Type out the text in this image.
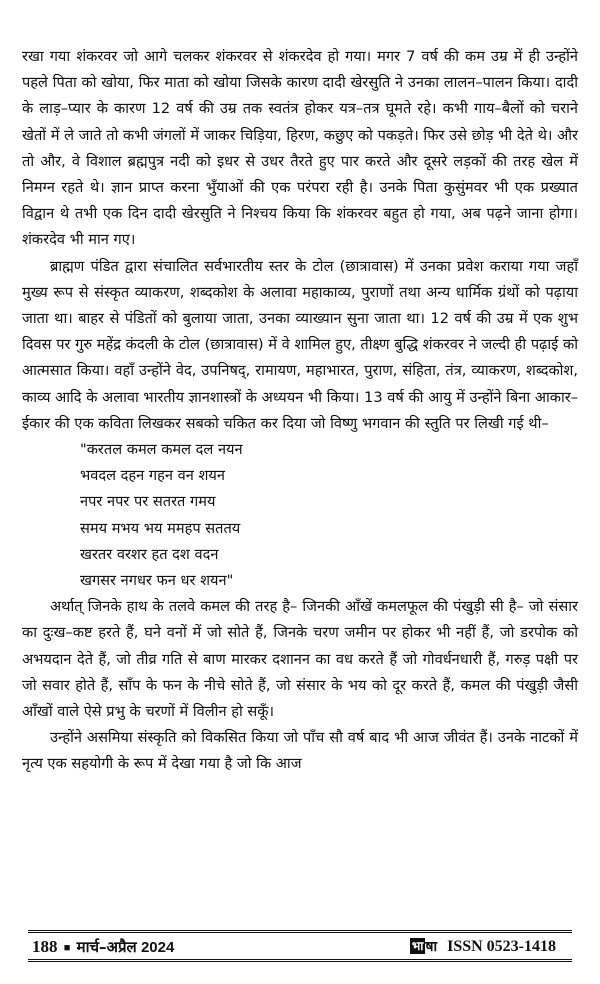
रखा गया शंकरवर जो आगे चलकर शंकरवर से शंकरदेव हो गया। मगर 7 वर्ष की कम उम्र में ही उन्होंने पहले पिता को खोया, फिर माता को खोया जिसके कारण दादी खेरसुति ने उनका लालन–पालन किया। दादी के लाड़–प्यार के कारण 12 वर्ष की उम्र तक स्वतंत्र होकर यत्र–तत्र घूमते रहे। कभी गाय–बैलों को चराने खेतों में ले जाते तो कभी जंगलों में जाकर चिड़िया, हिरण, कछुए को पकड़ते। फिर उसे छोड़ भी देते थे। और तो और, वे विशाल ब्रह्मपुत्र नदी को इधर से उधर तैरते हुए पार करते और दूसरे लड़कों की तरह खेल में निमग्न रहते थे। ज्ञान प्राप्त करना भुँयाओं की एक परंपरा रही है। उनके पिता कुसुंमवर भी एक प्रख्यात विद्वान थे तभी एक दिन दादी खेरसुति ने निश्चय किया कि शंकरवर बहुत हो गया, अब पढ़ने जाना होगा। शंकरदेव भी मान गए।

ब्राह्मण पंडित द्वारा संचालित सर्वभारतीय स्तर के टोल (छात्रावास) में उनका प्रवेश कराया गया जहाँ मुख्य रूप से संस्कृत व्याकरण, शब्दकोश के अलावा महाकाव्य, पुराणों तथा अन्य धार्मिक ग्रंथों को पढ़ाया जाता था। बाहर से पंडितों को बुलाया जाता, उनका व्याख्यान सुना जाता था। 12 वर्ष की उम्र में एक शुभ दिवस पर गुरु महेंद्र कंदली के टोल (छात्रावास) में वे शामिल हुए, तीक्ष्ण बुद्धि शंकरवर ने जल्दी ही पढ़ाई को आत्मसात किया। वहाँ उन्होंने वेद, उपनिषद्, रामायण, महाभारत, पुराण, संहिता, तंत्र, व्याकरण, शब्दकोश, काव्य आदि के अलावा भारतीय ज्ञानशास्त्रों के अध्ययन भी किया। 13 वर्ष की आयु में उन्होंने बिना आकार–ईकार की एक कविता लिखकर सबको चकित कर दिया जो विष्णु भगवान की स्तुति पर लिखी गई थी–

"करतल कमल कमल दल नयन
भवदल दहन गहन वन शयन
नपर नपर पर सतरत गमय
समय मभय भय ममहप सततय
खरतर वरशर हत दश वदन
खगसर नगधर फन धर शयन"

अर्थात् जिनके हाथ के तलवे कमल की तरह है– जिनकी आँखें कमलफूल की पंखुड़ी सी है– जो संसार का दुःख–कष्ट हरते हैं, घने वनों में जो सोते हैं, जिनके चरण जमीन पर होकर भी नहीं हैं, जो डरपोक को अभयदान देते हैं, जो तीव्र गति से बाण मारकर दशानन का वध करते हैं जो गोवर्धनधारी हैं, गरुड़ पक्षी पर जो सवार होते हैं, साँप के फन के नीचे सोते हैं, जो संसार के भय को दूर करते हैं, कमल की पंखुड़ी जैसी आँखों वाले ऐसे प्रभु के चरणों में विलीन हो सकूँ।

उन्होंने असमिया संस्कृति को विकसित किया जो पाँच सौ वर्ष बाद भी आज जीवंत हैं। उनके नाटकों में नृत्य एक सहयोगी के रूप में देखा गया है जो कि आज

188 ■ मार्च–अप्रैल 2024	भा षा ISSN 0523-1418
